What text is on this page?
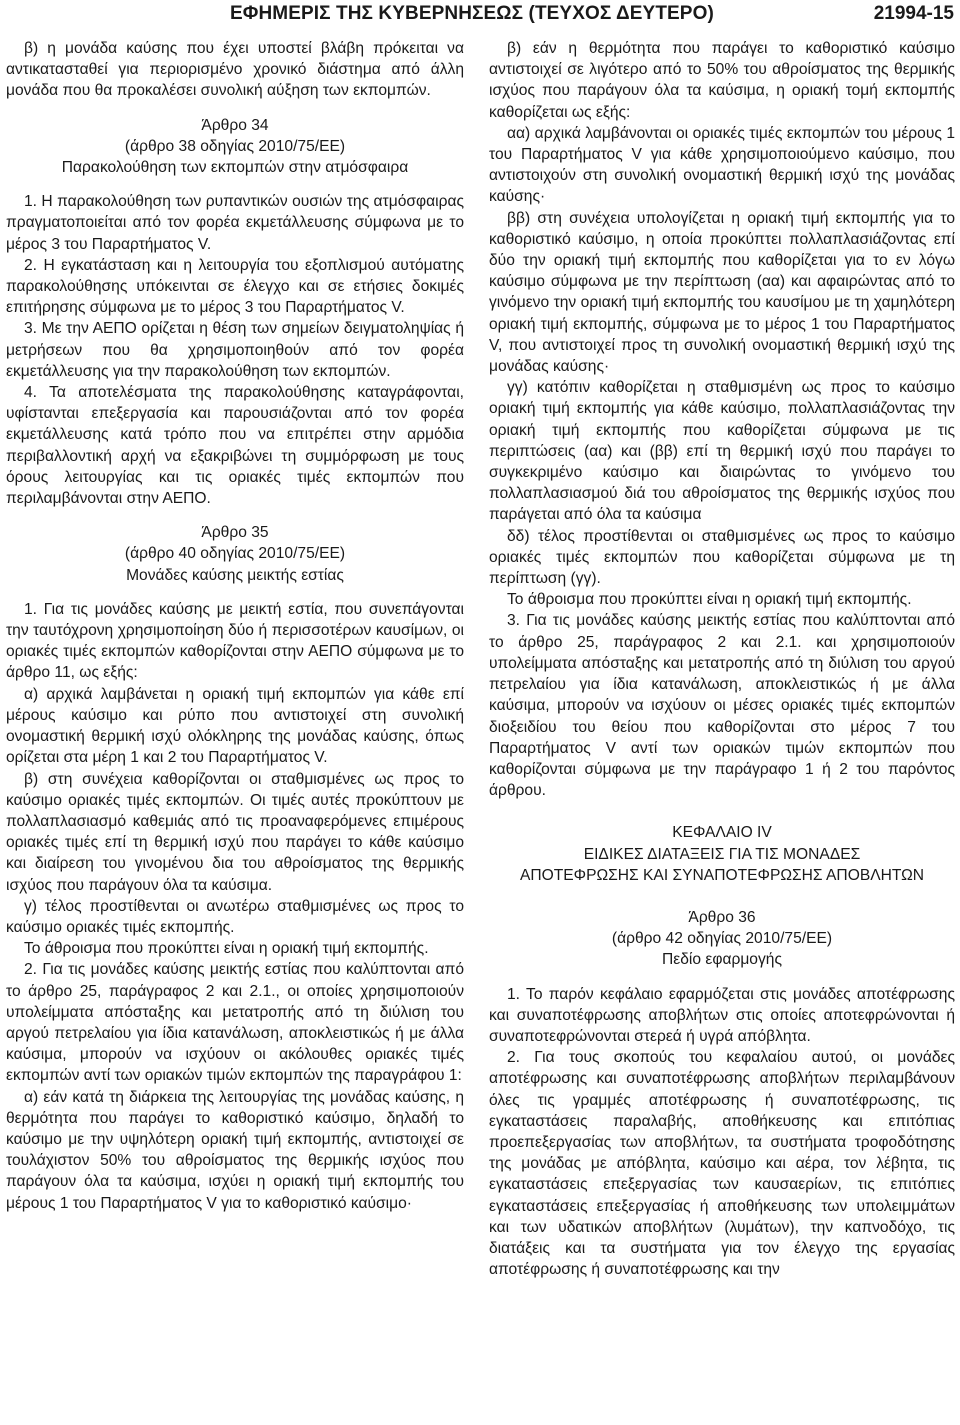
ΕΦΗΜΕΡΙΣ ΤΗΣ ΚΥΒΕΡΝΗΣΕΩΣ (ΤΕΥΧΟΣ ΔΕΥΤΕΡΟ)	21994-15

β) η μονάδα καύσης που έχει υποστεί βλάβη πρόκειται να αντικατασταθεί για περιορισμένο χρονικό διάστημα από άλλη μονάδα που θα προκαλέσει συνολική αύξηση των εκπομπών.

Άρθρο 34
(άρθρο 38 οδηγίας 2010/75/ΕΕ)
Παρακολούθηση των εκπομπών στην ατμόσφαιρα

1. Η παρακολούθηση των ρυπαντικών ουσιών της ατμόσφαιρας πραγματοποιείται από τον φορέα εκμετάλλευσης σύμφωνα με το μέρος 3 του Παραρτήματος V.

2. Η εγκατάσταση και η λειτουργία του εξοπλισμού αυτόματης παρακολούθησης υπόκεινται σε έλεγχο και σε ετήσιες δοκιμές επιτήρησης σύμφωνα με το μέρος 3 του Παραρτήματος V.

3. Με την ΑΕΠΟ ορίζεται η θέση των σημείων δειγματοληψίας ή μετρήσεων που θα χρησιμοποιηθούν από τον φορέα εκμετάλλευσης για την παρακολούθηση των εκπομπών.

4. Τα αποτελέσματα της παρακολούθησης καταγράφονται, υφίστανται επεξεργασία και παρουσιάζονται από τον φορέα εκμετάλλευσης κατά τρόπο που να επιτρέπει στην αρμόδια περιβαλλοντική αρχή να εξακριβώνει τη συμμόρφωση με τους όρους λειτουργίας και τις οριακές τιμές εκπομπών που περιλαμβάνονται στην ΑΕΠΟ.

Άρθρο 35
(άρθρο 40 οδηγίας 2010/75/ΕΕ)
Μονάδες καύσης μεικτής εστίας

1. Για τις μονάδες καύσης με μεικτή εστία, που συνεπάγονται την ταυτόχρονη χρησιμοποίηση δύο ή περισσοτέρων καυσίμων, οι οριακές τιμές εκπομπών καθορίζονται στην ΑΕΠΟ σύμφωνα με το άρθρο 11, ως εξής:

α) αρχικά λαμβάνεται η οριακή τιμή εκπομπών για κάθε επί μέρους καύσιμο και ρύπο που αντιστοιχεί στη συνολική ονομαστική θερμική ισχύ ολόκληρης της μονάδας καύσης, όπως ορίζεται στα μέρη 1 και 2 του Παραρτήματος V.

β) στη συνέχεια καθορίζονται οι σταθμισμένες ως προς το καύσιμο οριακές τιμές εκπομπών. Οι τιμές αυτές προκύπτουν με πολλαπλασιασμό καθεμιάς από τις προαναφερόμενες επιμέρους οριακές τιμές επί τη θερμική ισχύ που παράγει το κάθε καύσιμο και διαίρεση του γινομένου δια του αθροίσματος της θερμικής ισχύος που παράγουν όλα τα καύσιμα.

γ) τέλος προστίθενται οι ανωτέρω σταθμισμένες ως προς το καύσιμο οριακές τιμές εκπομπής.

Το άθροισμα που προκύπτει είναι η οριακή τιμή εκπομπής.

2. Για τις μονάδες καύσης μεικτής εστίας που καλύπτονται από το άρθρο 25, παράγραφος 2 και 2.1., οι οποίες χρησιμοποιούν υπολείμματα απόσταξης και μετατροπής από τη διύλιση του αργού πετρελαίου για ίδια κατανάλωση, αποκλειστικώς ή με άλλα καύσιμα, μπορούν να ισχύουν οι ακόλουθες οριακές τιμές εκπομπών αντί των οριακών τιμών εκπομπών της παραγράφου 1:

α) εάν κατά τη διάρκεια της λειτουργίας της μονάδας καύσης, η θερμότητα που παράγει το καθοριστικό καύσιμο, δηλαδή το καύσιμο με την υψηλότερη οριακή τιμή εκπομπής, αντιστοιχεί σε τουλάχιστον 50% του αθροίσματος της θερμικής ισχύος που παράγουν όλα τα καύσιμα, ισχύει η οριακή τιμή εκπομπής του μέρους 1 του Παραρτήματος V για το καθοριστικό καύσιμο·

β) εάν η θερμότητα που παράγει το καθοριστικό καύσιμο αντιστοιχεί σε λιγότερο από το 50% του αθροίσματος της θερμικής ισχύος που παράγουν όλα τα καύσιμα, η οριακή τομή εκπομπής καθορίζεται ως εξής:

αα) αρχικά λαμβάνονται οι οριακές τιμές εκπομπών του μέρους 1 του Παραρτήματος V για κάθε χρησιμοποιούμενο καύσιμο, που αντιστοιχούν στη συνολική ονομαστική θερμική ισχύ της μονάδας καύσης·

ββ) στη συνέχεια υπολογίζεται η οριακή τιμή εκπομπής για το καθοριστικό καύσιμο, η οποία προκύπτει πολλαπλασιάζοντας επί δύο την οριακή τιμή εκπομπής που καθορίζεται για το εν λόγω καύσιμο σύμφωνα με την περίπτωση (αα) και αφαιρώντας από το γινόμενο την οριακή τιμή εκπομπής του καυσίμου με τη χαμηλότερη οριακή τιμή εκπομπής, σύμφωνα με το μέρος 1 του Παραρτήματος V, που αντιστοιχεί προς τη συνολική ονομαστική θερμική ισχύ της μονάδας καύσης·

γγ) κατόπιν καθορίζεται η σταθμισμένη ως προς το καύσιμο οριακή τιμή εκπομπής για κάθε καύσιμο, πολλαπλασιάζοντας την οριακή τιμή εκπομπής που καθορίζεται σύμφωνα με τις περιπτώσεις (αα) και (ββ) επί τη θερμική ισχύ που παράγει το συγκεκριμένο καύσιμο και διαιρώντας το γινόμενο του πολλαπλασιασμού διά του αθροίσματος της θερμικής ισχύος που παράγεται από όλα τα καύσιμα

δδ) τέλος προστίθενται οι σταθμισμένες ως προς το καύσιμο οριακές τιμές εκπομπών που καθορίζεται σύμφωνα με τη περίπτωση (γγ).

Το άθροισμα που προκύπτει είναι η οριακή τιμή εκπομπής.

3. Για τις μονάδες καύσης μεικτής εστίας που καλύπτονται από το άρθρο 25, παράγραφος 2 και 2.1. και χρησιμοποιούν υπολείμματα απόσταξης και μετατροπής από τη διύλιση του αργού πετρελαίου για ίδια κατανάλωση, αποκλειστικώς ή με άλλα καύσιμα, μπορούν να ισχύουν οι μέσες οριακές τιμές εκπομπών διοξειδίου του θείου που καθορίζονται στο μέρος 7 του Παραρτήματος V αντί των οριακών τιμών εκπομπών που καθορίζονται σύμφωνα με την παράγραφο 1 ή 2 του παρόντος άρθρου.

ΚΕΦΑΛΑΙΟ IV
ΕΙΔΙΚΕΣ ΔΙΑΤΑΞΕΙΣ ΓΙΑ ΤΙΣ ΜΟΝΑΔΕΣ
ΑΠΟΤΕΦΡΩΣΗΣ ΚΑΙ ΣΥΝΑΠΟΤΕΦΡΩΣΗΣ ΑΠΟΒΛΗΤΩΝ
Άρθρο 36
(άρθρο 42 οδηγίας 2010/75/ΕΕ)
Πεδίο εφαρμογής

1. Το παρόν κεφάλαιο εφαρμόζεται στις μονάδες αποτέφρωσης και συναποτέφρωσης αποβλήτων στις οποίες αποτεφρώνονται ή συναποτεφρώνονται στερεά ή υγρά απόβλητα.

2. Για τους σκοπούς του κεφαλαίου αυτού, οι μονάδες αποτέφρωσης και συναποτέφρωσης αποβλήτων περιλαμβάνουν όλες τις γραμμές αποτέφρωσης ή συναποτέφρωσης, τις εγκαταστάσεις παραλαβής, αποθήκευσης και επιτόπιας προεπεξεργασίας των αποβλήτων, τα συστήματα τροφοδότησης της μονάδας με απόβλητα, καύσιμο και αέρα, τον λέβητα, τις εγκαταστάσεις επεξεργασίας των καυσαερίων, τις επιτόπιες εγκαταστάσεις επεξεργασίας ή αποθήκευσης των υπολειμμάτων και των υδατικών αποβλήτων (λυμάτων), την καπνοδόχο, τις διατάξεις και τα συστήματα για τον έλεγχο της εργασίας αποτέφρωσης ή συναποτέφρωσης και την
